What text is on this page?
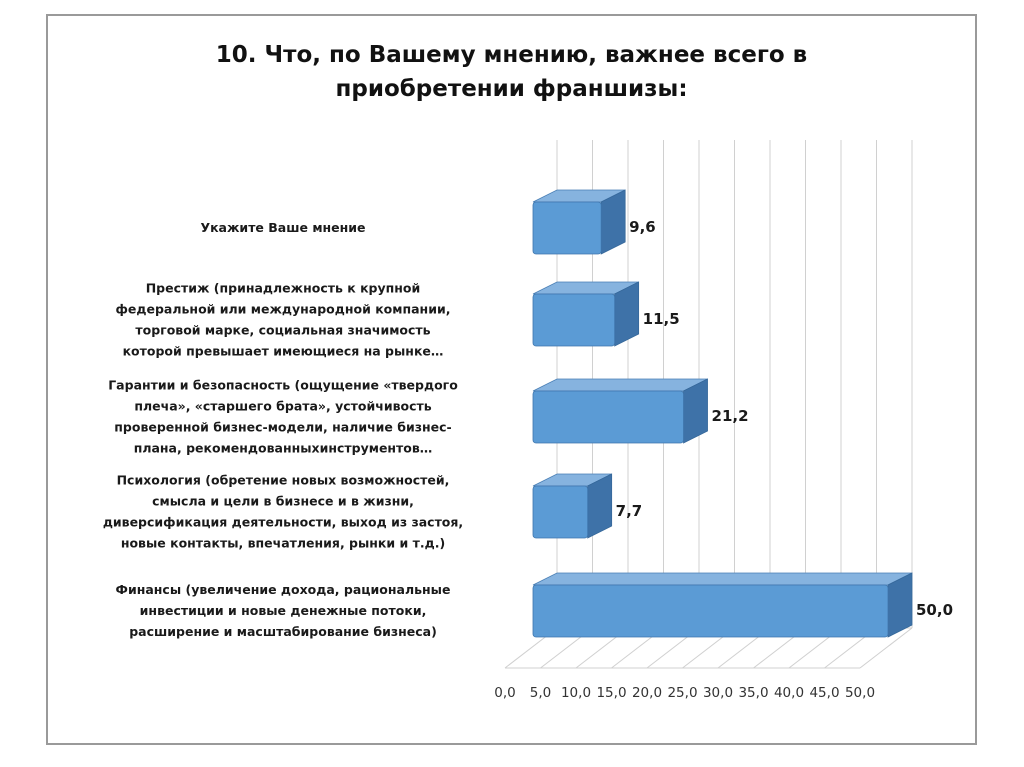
10. Что, по Вашему мнению, важнее всего в
приобретении франшизы:
0,0 5,0 10,0 15,0 20,0 25,0 30,0 35,0 40,0 45,0 50,0
50,0
Финансы (увеличение дохода, рациональные
инвестиции и новые денежные потоки,
расширение и масштабирование бизнеса)
7,7
Психология (обретение новых возможностей,
смысла и цели в бизнесе и в жизни,
диверсификация деятельности, выход из застоя,
новые контакты, впечатления, рынки и т.д.)
21,2
Гарантии и безопасность (ощущение «твердого
плеча», «старшего брата», устойчивость
проверенной бизнес-модели, наличие бизнес-
плана, рекомендованныхинструментов…
11,5
Престиж (принадлежность к крупной
федеральной или международной компании,
торговой марке, социальная значимость
которой превышает имеющиеся на рынке…
9,6
Укажите Ваше мнение
